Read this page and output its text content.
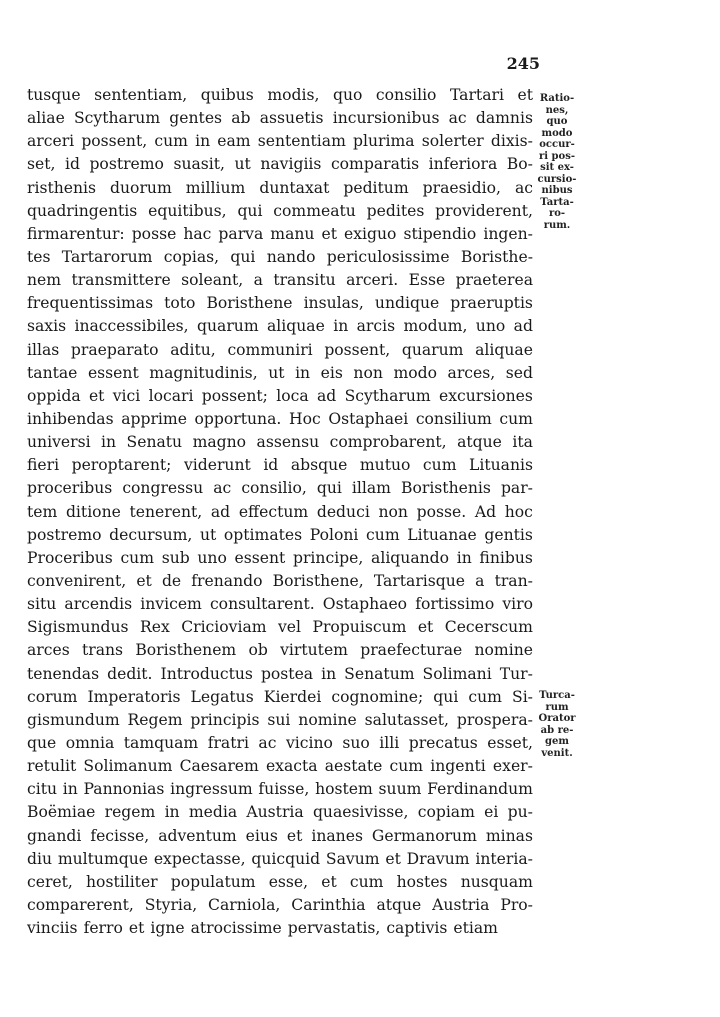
245
tusque sententiam, quibus modis, quo consilio Tartari et
aliae Scytharum gentes ab assuetis incursionibus ac damnis
arceri possent, cum in eam sententiam plurima solerter dixis-
set, id postremo suasit, ut navigiis comparatis inferiora Bo-
risthenis duorum millium duntaxat peditum praesidio, ac
quadringentis equitibus, qui commeatu pedites providerent,
firmarentur: posse hac parva manu et exiguo stipendio ingen-
tes Tartarorum copias, qui nando periculosissime Boristhe-
nem transmittere soleant, a transitu arceri. Esse praeterea
frequentissimas toto Boristhene insulas, undique praeruptis
saxis inaccessibiles, quarum aliquae in arcis modum, uno ad
illas praeparato aditu, communiri possent, quarum aliquae
tantae essent magnitudinis, ut in eis non modo arces, sed
oppida et vici locari possent; loca ad Scytharum excursiones
inhibendas apprime opportuna. Hoc Ostaphaei consilium cum
universi in Senatu magno assensu comprobarent, atque ita
fieri peroptarent; viderunt id absque mutuo cum Lituanis
proceribus congressu ac consilio, qui illam Boristhenis par-
tem ditione tenerent, ad effectum deduci non posse. Ad hoc
postremo decursum, ut optimates Poloni cum Lituanae gentis
Proceribus cum sub uno essent principe, aliquando in finibus
convenirent, et de frenando Boristhene, Tartarisque a tran-
situ arcendis invicem consultarent. Ostaphaeo fortissimo viro
Sigismundus Rex Cricioviam vel Propuiscum et Cecerscum
arces trans Boristhenem ob virtutem praefecturae nomine
tenendas dedit. Introductus postea in Senatum Solimani Tur-
corum Imperatoris Legatus Kierdei cognomine; qui cum Si-
gismundum Regem principis sui nomine salutasset, prospera-
que omnia tamquam fratri ac vicino suo illi precatus esset,
retulit Solimanum Caesarem exacta aestate cum ingenti exer-
citu in Pannonias ingressum fuisse, hostem suum Ferdinandum
Boëmiae regem in media Austria quaesivisse, copiam ei pu-
gnandi fecisse, adventum eius et inanes Germanorum minas
diu multumque expectasse, quicquid Savum et Dravum interia-
ceret, hostiliter populatum esse, et cum hostes nusquam
comparerent, Styria, Carniola, Carinthia atque Austria Pro-
vinciis ferro et igne atrocissime pervastatis, captivis etiam
Ratio-
nes,
quo
modo
occur-
ri pos-
sit ex-
cursio-
nibus
Tarta-
ro-
rum.
Turca-
rum
Orator
ab re-
gem
venit.
